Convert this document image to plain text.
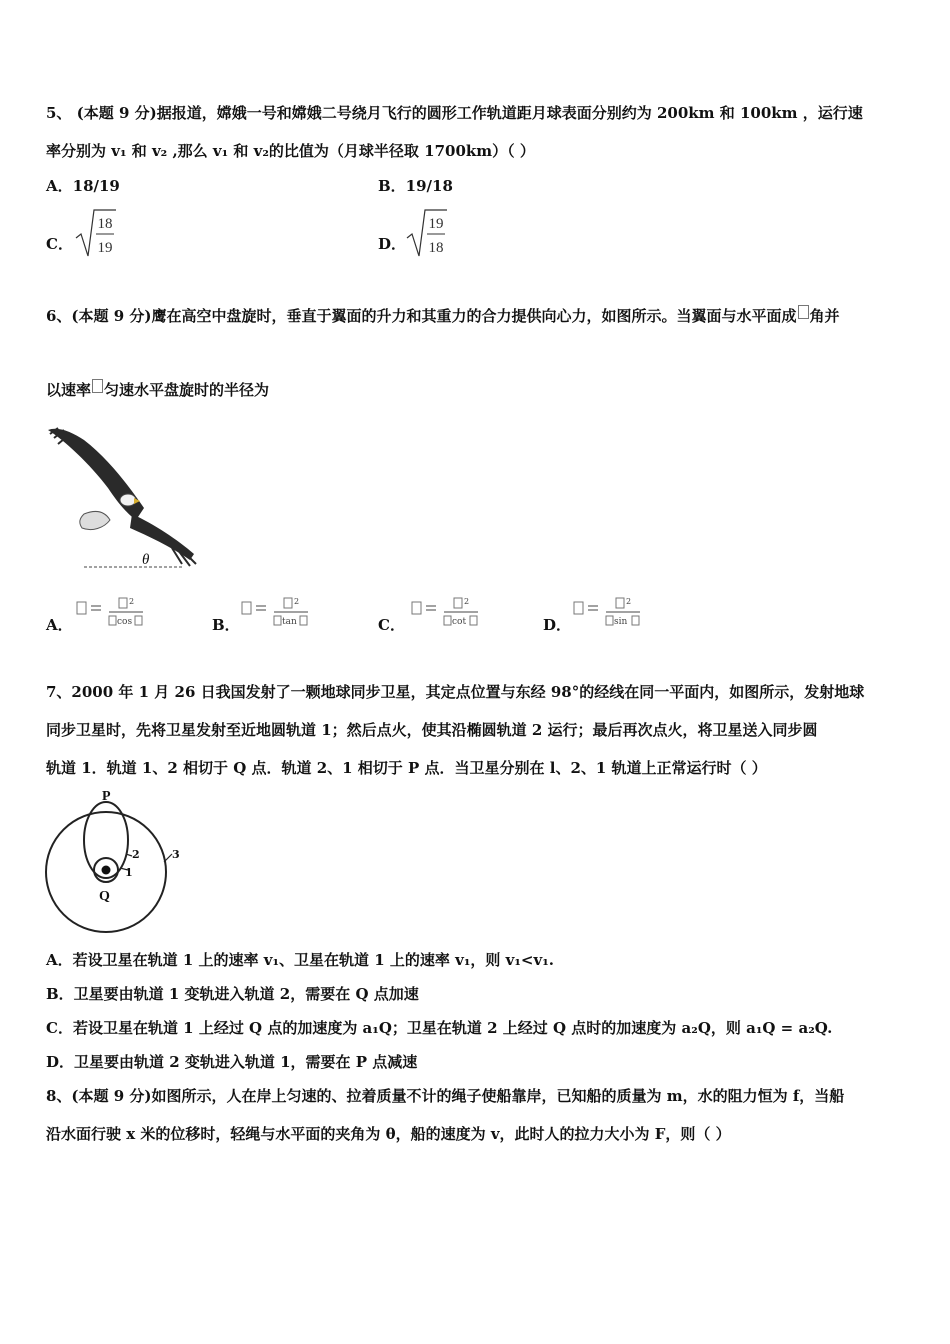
5、 (本题 9 分)据报道，嫦娥一号和嫦娥二号绕月飞行的圆形工作轨道距月球表面分别约为 200km 和 100km ，运行速
率分别为 v₁ 和 v₂ ,那么 v₁ 和 v₂的比值为（月球半径取 1700km）（ ）
A．18/19	B．19/18
C．
18
19	D．
19
18
6、(本题 9 分)鹰在高空中盘旋时，垂直于翼面的升力和其重力的合力提供向心力，如图所示。当翼面与水平面成 角并
以速率 匀速水平盘旋时的半径为
θ
A．
2
cos	B．
2
tan	C．
2
cot	D．
2
sin
7、2000 年 1 月 26 日我国发射了一颗地球同步卫星，其定点位置与东经 98°的经线在同一平面内，如图所示，发射地球
同步卫星时，先将卫星发射至近地圆轨道 1；然后点火，使其沿椭圆轨道 2 运行；最后再次点火，将卫星送入同步圆
轨道 1．轨道 1、2 相切于 Q 点．轨道 2、1 相切于 P 点．当卫星分别在 l、2、1 轨道上正常运行时（ ）
P
Q
1
2	3
A．若设卫星在轨道 1 上的速率 v₁、卫星在轨道 1 上的速率 v₁，则 v₁<v₁.
B．卫星要由轨道 1 变轨进入轨道 2，需要在 Q 点加速
C．若设卫星在轨道 1 上经过 Q 点的加速度为 a₁Q；卫星在轨道 2 上经过 Q 点时的加速度为 a₂Q，则 a₁Q = a₂Q.
D．卫星要由轨道 2 变轨进入轨道 1，需要在 P 点减速
8、(本题 9 分)如图所示，人在岸上匀速的、拉着质量不计的绳子使船靠岸，已知船的质量为 m，水的阻力恒为 f，当船
沿水面行驶 x 米的位移时，轻绳与水平面的夹角为 θ，船的速度为 v，此时人的拉力大小为 F，则（ ）
